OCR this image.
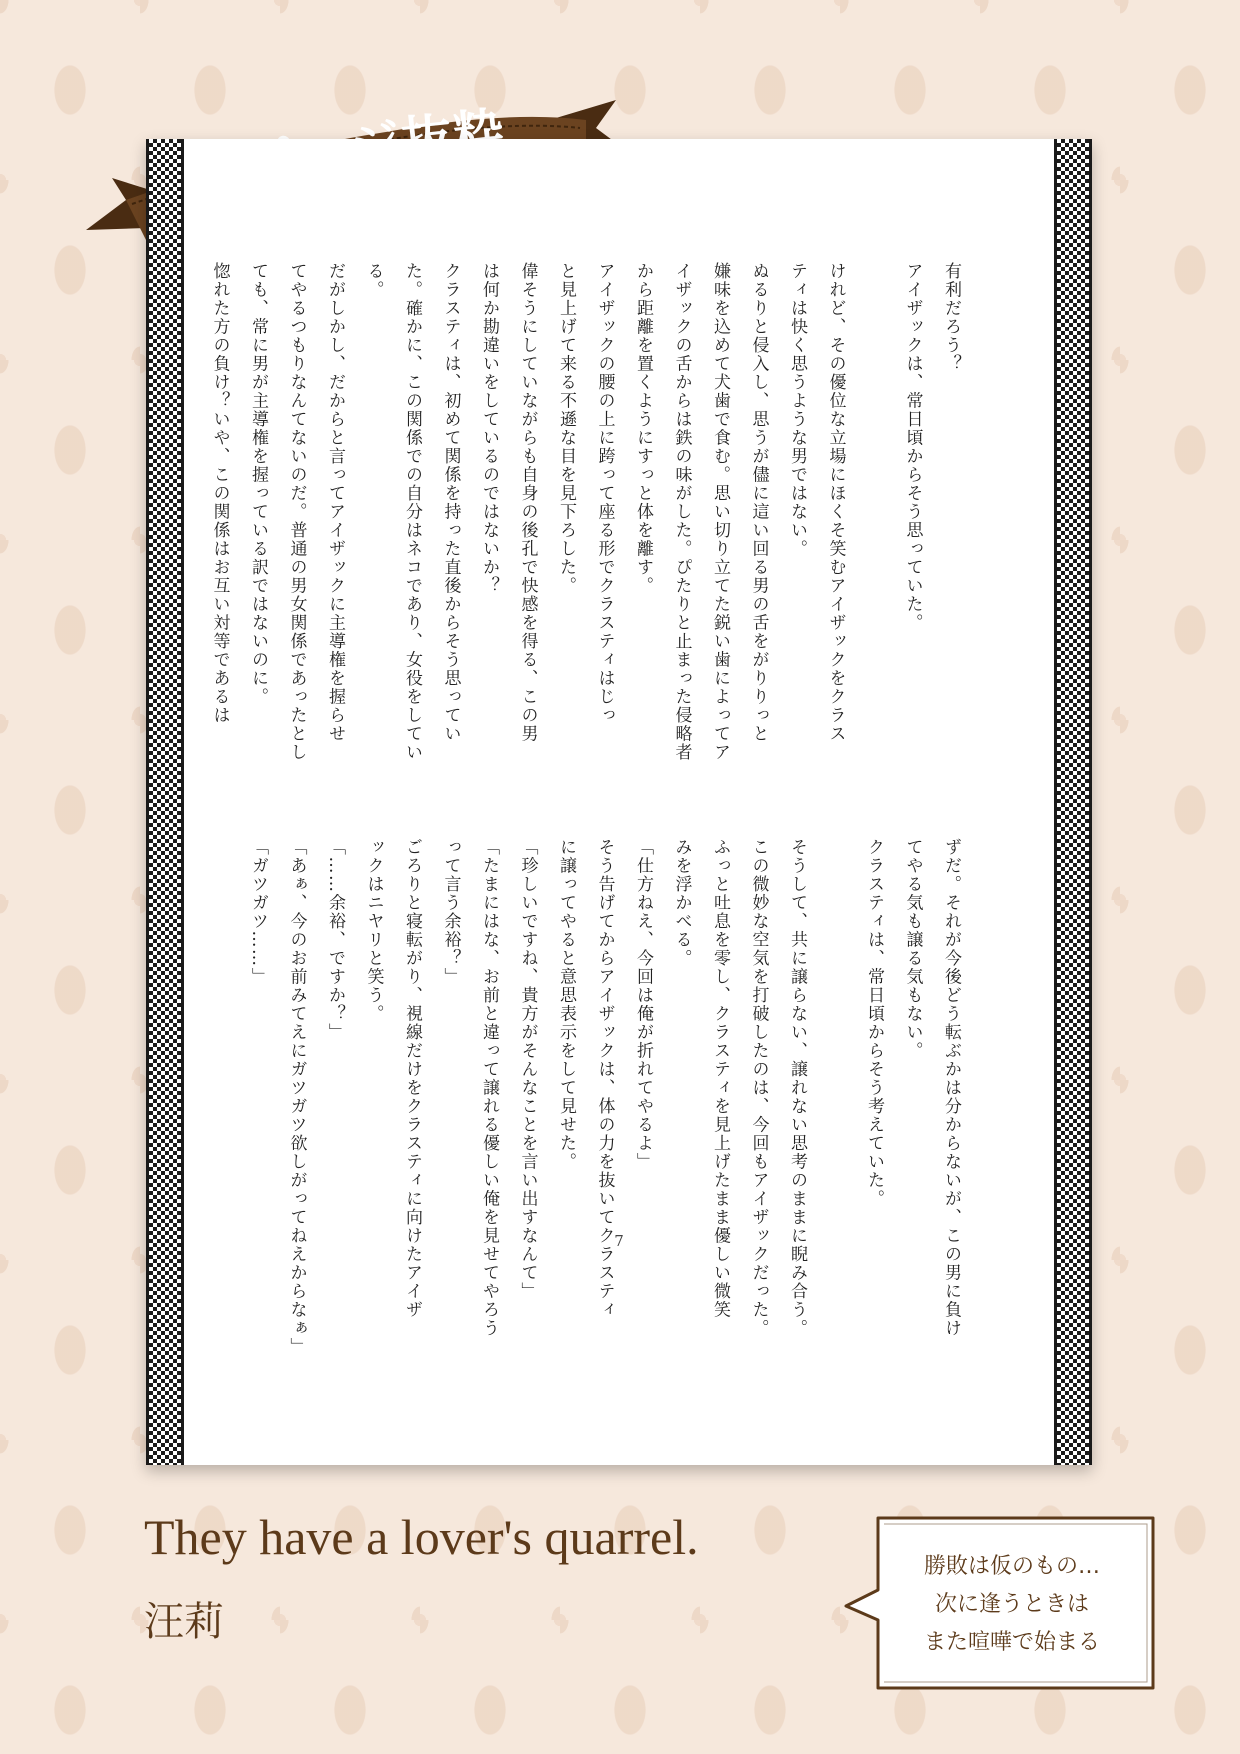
7

有利だろう？

アイザックは、常日頃からそう思っていた。

けれど、その優位な立場にほくそ笑むアイザックをクラス

ティは快く思うような男ではない。

ぬるりと侵入し、思うが儘に這い回る男の舌をがりりっと

嫌味を込めて犬歯で食む。思い切り立てた鋭い歯によってア

イザックの舌からは鉄の味がした。ぴたりと止まった侵略者

から距離を置くようにすっと体を離す。

アイザックの腰の上に跨って座る形でクラスティはじっ

と見上げて来る不遜な目を見下ろした。

偉そうにしていながらも自身の後孔で快感を得る、この男

は何か勘違いをしているのではないか？

クラスティは、初めて関係を持った直後からそう思ってい

た。確かに、この関係での自分はネコであり、女役をしてい

る。

だがしかし、だからと言ってアイザックに主導権を握らせ

てやるつもりなんてないのだ。普通の男女関係であったとし

ても、常に男が主導権を握っている訳ではないのに。

惚れた方の負け？いや、この関係はお互い対等であるは

ずだ。それが今後どう転ぶかは分からないが、この男に負け

てやる気も譲る気もない。

クラスティは、常日頃からそう考えていた。

そうして、共に譲らない、譲れない思考のままに睨み合う。

この微妙な空気を打破したのは、今回もアイザックだった。

ふっと吐息を零し、クラスティを見上げたまま優しい微笑

みを浮かべる。

「仕方ねえ、今回は俺が折れてやるよ」

そう告げてからアイザックは、体の力を抜いてクラスティ

に譲ってやると意思表示をして見せた。

「珍しいですね、貴方がそんなことを言い出すなんて」

「たまにはな、お前と違って譲れる優しい俺を見せてやろう

って言う余裕？」

ごろりと寝転がり、視線だけをクラスティに向けたアイザ

ックはニヤリと笑う。

「……余裕、ですか？」

「あぁ、今のお前みてえにガツガツ欲しがってねえからなぁ」

「ガツガツ……」

They have a lover's quarrel.
汪莉
勝敗は仮のもの…
次に逢うときは
また喧嘩で始まる
